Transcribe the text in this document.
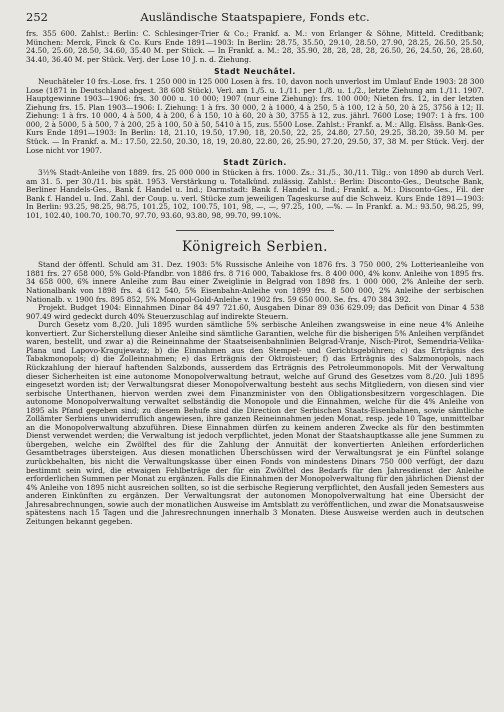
252	Ausländische Staatspapiere, Fonds etc.

frs. 355 600. Zahlst.: Berlin: C. Schlesinger-Trier & Co.; Frankf. a. M.: von Erlanger & Söhne, Mitteld. Creditbank; München: Merck, Finck & Co. Kurs Ende 1891—1903: In Berlin: 28.75, 35.50, 29.10, 28.50, 27.90, 28.25, 26.50, 25.50, 24.50, 25.60, 28.50, 34.60, 35.40 M. per Stück. — In Frankf. a. M.: 28, 35.90, 28, 28, 28, 28, 26.50, 26, 24.50, 26, 28.60, 34.40, 36.40 M. per Stück. Verj. der Lose 10 J. n. d. Ziehung.

Stadt Neuchâtel.

Neuchâteler 10 frs.-Lose. frs. 1 250 000 in 125 000 Losen à frs. 10, davon noch unverlost im Umlauf Ende 1903: 28 300 Lose (1871 in Deutschland abgest. 38 608 Stück). Verl. am 1./5. u. 1./11. per 1./8. u. 1./2., letzte Ziehung am 1./11. 1907. Hauptgewinne 1903—1906: frs. 30 000 u. 10 000; 1907 (nur eine Ziehung): frs. 100 000; Nieten frs. 12, in der letzten Ziehung frs. 15. Plan 1903—1906: I. Ziehung: 1 à frs. 30 000, 2 à 1000, 4 à 250, 5 à 100, 12 à 50, 20 à 25, 3756 à 12; II. Ziehung: 1 à frs. 10 000, 4 à 500, 4 à 200, 6 à 150, 10 à 60, 20 à 30, 3755 à 12, zus. jährl. 7600 Lose; 1907: 1 à frs. 100 000, 2 à 5000, 5 à 500, 7 à 200, 25 à 100, 50 à 50, 5410 à 15, zus. 5500 Lose. Zahlst.: Frankf. a. M.: Allg. Elsäss. Bank-Ges. Kurs Ende 1891—1903: In Berlin: 18, 21.10, 19.50, 17.90, 18, 20.50, 22, 25, 24.80, 27.50, 29.25, 38.20, 39.50 M. per Stück. — In Frankf. a. M.: 17.50, 22.50, 20.30, 18, 19, 20.80, 22.80, 26, 25.90, 27.20, 29.50, 37, 38 M. per Stück. Verj. der Lose nicht vor 1907.

Stadt Zürich.

3½% Stadt-Anleihe von 1889. frs. 25 000 000 in Stücken à frs. 1000. Zs.: 31./5., 30./11. Tilg.: von 1890 ab durch Verl. am 31. 5. per 30./11. bis spät. 1953. Verstärkung u. Totalkünd. zulässig. Zahlst.: Berlin: Disconto-Ges., Deutsche Bank, Berliner Handels-Ges., Bank f. Handel u. Ind.; Darmstadt: Bank f. Handel u. Ind.; Frankf. a. M.: Disconto-Ges., Fil. der Bank f. Handel u. Ind. Zahl. der Coup. u. verl. Stücke zum jeweiligen Tageskurse auf die Schweiz. Kurs Ende 1891—1903: In Berlin: 93.25, 98.25, 98.75, 101.25, 102, 100.75, 101, 98, —, —, 97.25, 100, —%. — In Frankf. a. M.: 93.50, 98.25, 99, 101, 102.40, 100.70, 100.70, 97.70, 93.60, 93.80, 98, 99.70, 99.10%.

Königreich Serbien.

Stand der öffentl. Schuld am 31. Dez. 1903: 5% Russische Anleihe von 1876 frs. 3 750 000, 2% Lotterieanleihe von 1881 frs. 27 658 000, 5% Gold-Pfandbr. von 1886 frs. 8 716 000, Tabaklose frs. 8 400 000, 4% konv. Anleihe von 1895 frs. 34 658 000, 6% innere Anleihe zum Bau einer Zweiglinie in Belgrad von 1898 frs. 1 000 000, 2% Anleihe der serb. Nationalbank von 1898 frs. 4 612 540, 5% Eisenbahn-Anleihe von 1899 frs. 8 500 000, 2% Anleihe der serbischen Nationalb. v. 1900 frs. 895 852, 5% Monopol-Gold-Anleihe v. 1902 frs. 59 650 000. Se. frs. 470 384 392.

Projekt. Budget 1904: Einnahmen Dinar 84 497 721.60, Ausgaben Dinar 89 036 629.09; das Deficit von Dinar 4 538 907.49 wird gedeckt durch 40% Steuerzuschlag auf indirekte Steuern.

Durch Gesetz vom 8./20. Juli 1895 wurden sämtliche 5% serbische Anleihen zwangsweise in eine neue 4% Anleihe konvertiert. Zur Sicherstellung dieser Anleihe sind sämtliche Garantien, welche für die bisherigen 5% Anleihen verpfändet waren, bestellt, und zwar a) die Reineinnahme der Staatseisenbahnlinien Belgrad-Vranje, Nisch-Pirot, Semendria-Velika-Plana und Lapovo-Kragujewatz; b) die Einnahmen aus den Stempel- und Gerichtsgebühren; c) das Erträgnis des Tabakmonopols; d) die Zolleinnahmen; e) das Erträgnis der Oktroisteuer; f) das Erträgnis des Salzmonopols, nach Rückzahlung der hierauf haftenden Salzbonds, ausserdem das Erträgnis des Petroleummonopols. Mit der Verwaltung dieser Sicherheiten ist eine autonome Monopolverwaltung betraut, welche auf Grund des Gesetzes vom 8./20. Juli 1895 eingesetzt worden ist; der Verwaltungsrat dieser Monopolverwaltung besteht aus sechs Mitgliedern, von diesen sind vier serbische Unterthanen, hiervon werden zwei dem Finanzminister von den Obligationsbesitzern vorgeschlagen. Die autonome Monopolverwaltung verwaltet selbständig die Monopole und die Einnahmen, welche für die 4% Anleihe von 1895 als Pfand gegeben sind; zu diesem Behufe sind die Direction der Serbischen Staats-Eisenbahnen, sowie sämtliche Zollämter Serbiens unwiderruflich angewiesen, ihre ganzen Reineinnahmen jeden Monat, resp. jede 10 Tage, unmittelbar an die Monopolverwaltung abzuführen. Diese Einnahmen dürfen zu keinem anderen Zwecke als für den bestimmten Dienst verwendet werden; die Verwaltung ist jedoch verpflichtet, jeden Monat der Staatshauptkasse alle jene Summen zu übergeben, welche ein Zwölftel des für die Zahlung der Annuität der konvertierten Anleihen erforderlichen Gesamtbetrages übersteigen. Aus diesen monatlichen Überschüssen wird der Verwaltungsrat je ein Fünftel solange zurückbehalten, bis nicht die Verwaltungskasse über einen Fonds von mindestens Dinars 750 000 verfügt, der dazu bestimmt sein wird, die etwaigen Fehlbeträge der für ein Zwölftel des Bedarfs für den Jahresdienst der Anleihe erforderlichen Summen per Monat zu ergänzen. Falls die Einnahmen der Monopolverwaltung für den jährlichen Dienst der 4% Anleihe von 1895 nicht ausreichen sollten, so ist die serbische Regierung verpflichtet, den Ausfall jeden Semesters aus anderen Einkünften zu ergänzen. Der Verwaltungsrat der autonomen Monopolverwaltung hat eine Übersicht der Jahresabrechnungen, sowie auch der monatlichen Ausweise im Amtsblatt zu veröffentlichen, und zwar die Monatsausweise spätestens nach 15 Tagen und die Jahresrechnungen innerhalb 3 Monaten. Diese Ausweise werden auch in deutschen Zeitungen bekannt gegeben.
